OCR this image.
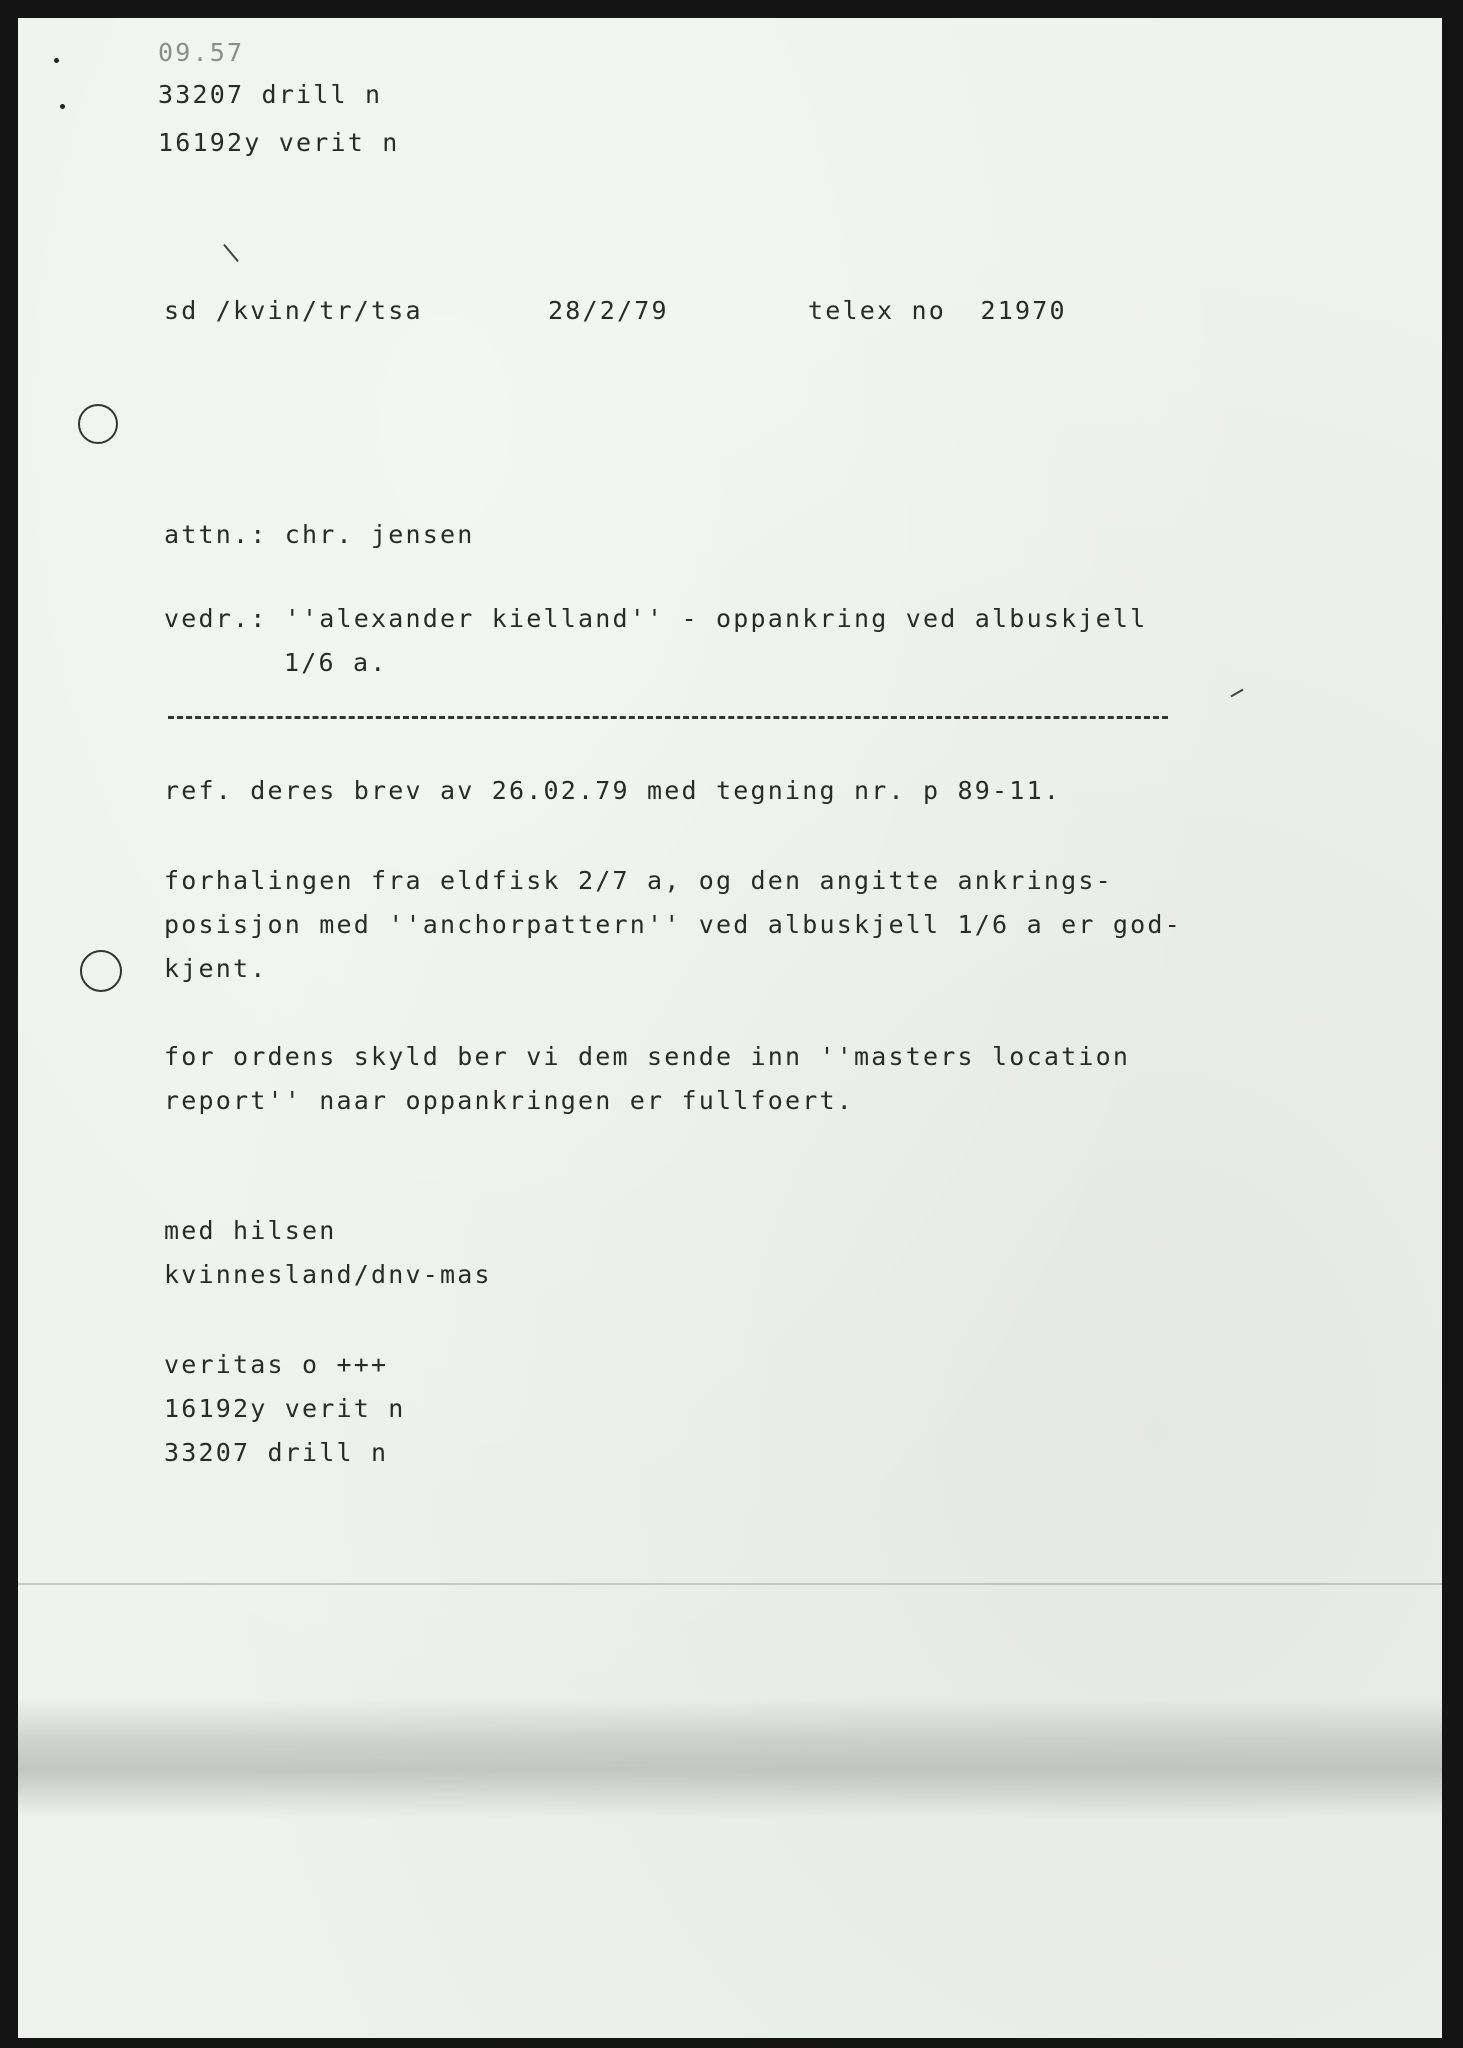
09.57

33207 drill n

16192y verit n

sd /kvin/tr/tsa	28/2/79	telex no  21970

attn.: chr. jensen

vedr.: ''alexander kielland'' - oppankring ved albuskjell

1/6 a.

ref. deres brev av 26.02.79 med tegning nr. p 89-11.

forhalingen fra eldfisk 2/7 a, og den angitte ankrings-

posisjon med ''anchorpattern'' ved albuskjell 1/6 a er god-

kjent.

for ordens skyld ber vi dem sende inn ''masters location

report'' naar oppankringen er fullfoert.

med hilsen

kvinnesland/dnv-mas

veritas o +++

16192y verit n

33207 drill n
